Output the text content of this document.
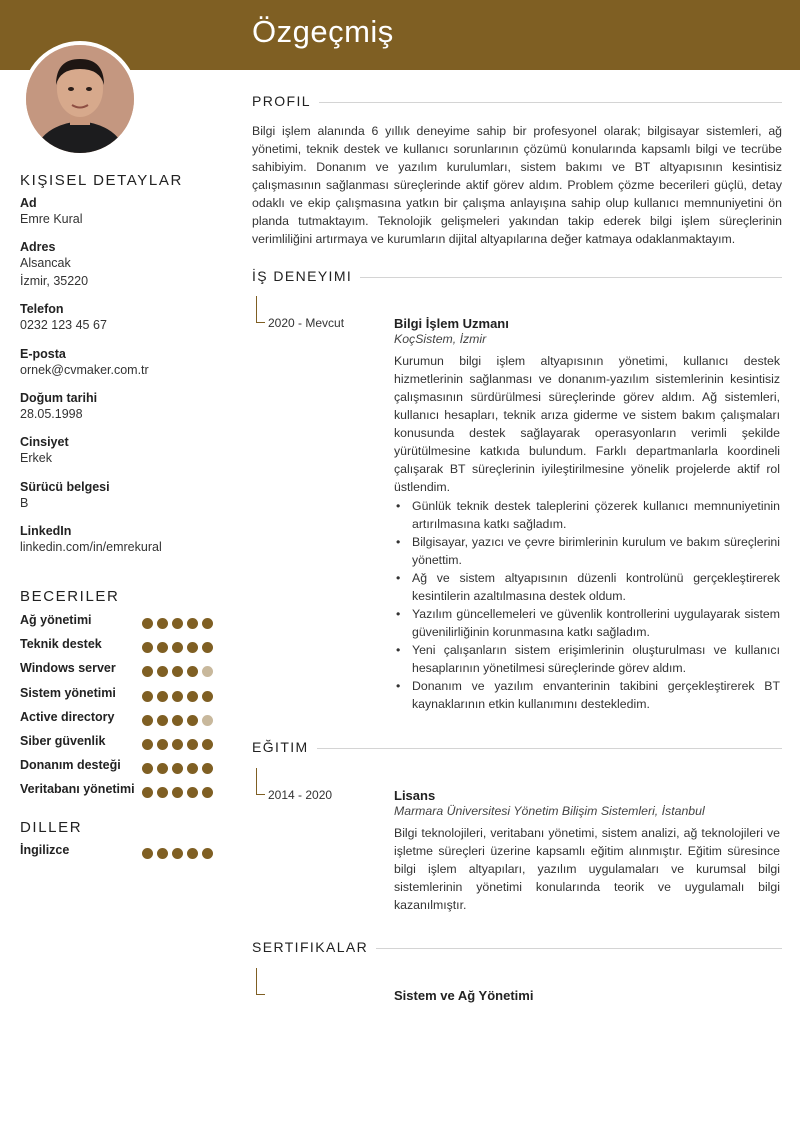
Özgeçmiş
KIŞISEL DETAYLAR
Ad
Emre Kural
Adres
Alsancak
İzmir, 35220
Telefon
0232 123 45 67
E-posta
ornek@cvmaker.com.tr
Doğum tarihi
28.05.1998
Cinsiyet
Erkek
Sürücü belgesi
B
LinkedIn
linkedin.com/in/emrekural
BECERILER
Ağ yönetimi
Teknik destek
Windows server
Sistem yönetimi
Active directory
Siber güvenlik
Donanım desteği
Veritabanı yönetimi
DILLER
İngilizce
PROFIL
Bilgi işlem alanında 6 yıllık deneyime sahip bir profesyonel olarak; bilgisayar sistemleri, ağ yönetimi, teknik destek ve kullanıcı sorunlarının çözümü konularında kapsamlı bilgi ve tecrübe sahibiyim. Donanım ve yazılım kurulumları, sistem bakımı ve BT altyapısının kesintisiz çalışmasının sağlanması süreçlerinde aktif görev aldım. Problem çözme becerileri güçlü, detay odaklı ve ekip çalışmasına yatkın bir çalışma anlayışına sahip olup kullanıcı memnuniyetini ön planda tutmaktayım. Teknolojik gelişmeleri yakından takip ederek bilgi işlem süreçlerinin verimliliğini artırmaya ve kurumların dijital altyapılarına değer katmaya odaklanmaktayım.
İŞ DENEYIMI
2020 - Mevcut	Bilgi İşlem Uzmanı
KoçSistem, İzmir
Kurumun bilgi işlem altyapısının yönetimi, kullanıcı destek hizmetlerinin sağlanması ve donanım-yazılım sistemlerinin kesintisiz çalışmasının sürdürülmesi süreçlerinde görev aldım. Ağ sistemleri, kullanıcı hesapları, teknik arıza giderme ve sistem bakım çalışmaları konusunda destek sağlayarak operasyonların verimli şekilde yürütülmesine katkıda bulundum. Farklı departmanlarla koordineli çalışarak BT süreçlerinin iyileştirilmesine yönelik projelerde aktif rol üstlendim.
• Günlük teknik destek taleplerini çözerek kullanıcı memnuniyetinin artırılmasına katkı sağladım.
• Bilgisayar, yazıcı ve çevre birimlerinin kurulum ve bakım süreçlerini yönettim.
• Ağ ve sistem altyapısının düzenli kontrolünü gerçekleştirerek kesintilerin azaltılmasına destek oldum.
• Yazılım güncellemeleri ve güvenlik kontrollerini uygulayarak sistem güvenilirliğinin korunmasına katkı sağladım.
• Yeni çalışanların sistem erişimlerinin oluşturulması ve kullanıcı hesaplarının yönetilmesi süreçlerinde görev aldım.
• Donanım ve yazılım envanterinin takibini gerçekleştirerek BT kaynaklarının etkin kullanımını destekledim.
EĞITIM
2014 - 2020	Lisans
Marmara Üniversitesi Yönetim Bilişim Sistemleri, İstanbul
Bilgi teknolojileri, veritabanı yönetimi, sistem analizi, ağ teknolojileri ve işletme süreçleri üzerine kapsamlı eğitim alınmıştır. Eğitim süresince bilgi işlem altyapıları, yazılım uygulamaları ve kurumsal bilgi sistemlerinin yönetimi konularında teorik ve uygulamalı bilgi kazanılmıştır.
SERTIFIKALAR
Sistem ve Ağ Yönetimi
